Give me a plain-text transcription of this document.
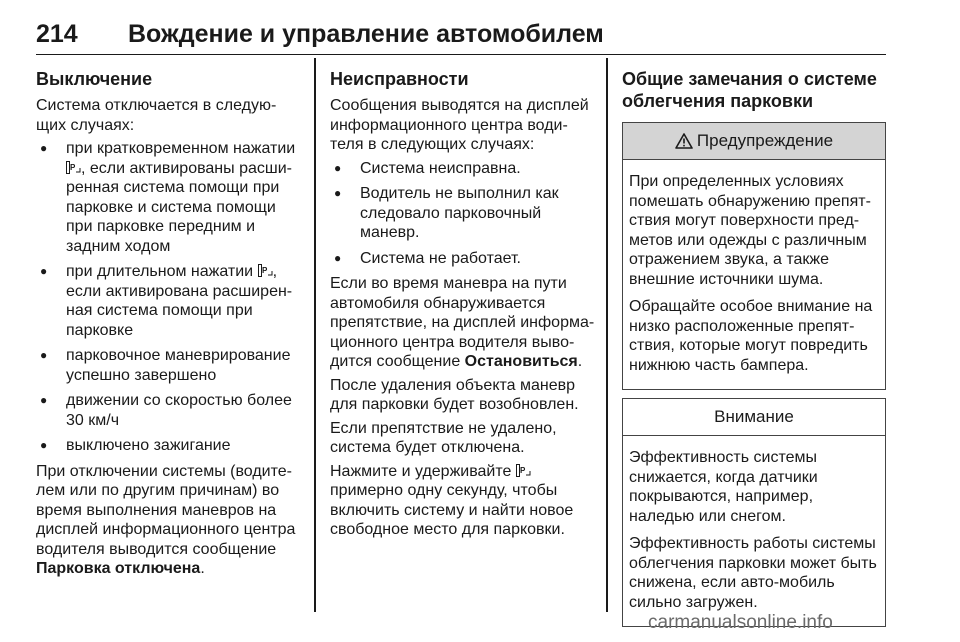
214 Вождение и управление автомобилем
Выключение

Система отключается в следую-щих случаях:

● при кратковременном нажатии
P , если активированы расши-ренная система помощи при парковке и система помощи при парковке передним и задним ходом
● при длительном нажатии P , если активирована расширен-ная система помощи при парковке
● парковочное маневрирование успешно завершено
● движении со скоростью более 30 км/ч
● выключено зажигание

При отключении системы (водите-лем или по другим причинам) во время выполнения маневров на дисплей информационного центра водителя выводится сообщение Парковка отключена.

Неисправности

Сообщения выводятся на дисплей информационного центра води-теля в следующих случаях:

● Система неисправна.
● Водитель не выполнил как следовало парковочный маневр.
● Система не работает.

Если во время маневра на пути автомобиля обнаруживается препятствие, на дисплей информа-ционного центра водителя выво-дится сообщение Остановиться.

После удаления объекта маневр для парковки будет возобновлен.

Если препятствие не удалено, система будет отключена.

Нажмите и удерживайте P
примерно одну секунду, чтобы включить систему и найти новое свободное место для парковки.

Общие замечания о системе облегчения парковки
Предупреждение

При определенных условиях помешать обнаружению препят-ствия могут поверхности пред-метов или одежды с различным отражением звука, а также внешние источники шума.

Обращайте особое внимание на низко расположенные препят-ствия, которые могут повредить нижнюю часть бампера.

Внимание

Эффективность системы снижается, когда датчики покрываются, например, наледью или снегом.

Эффективность работы системы облегчения парковки может быть снижена, если авто-мобиль сильно загружен.

carmanualsonline.info
